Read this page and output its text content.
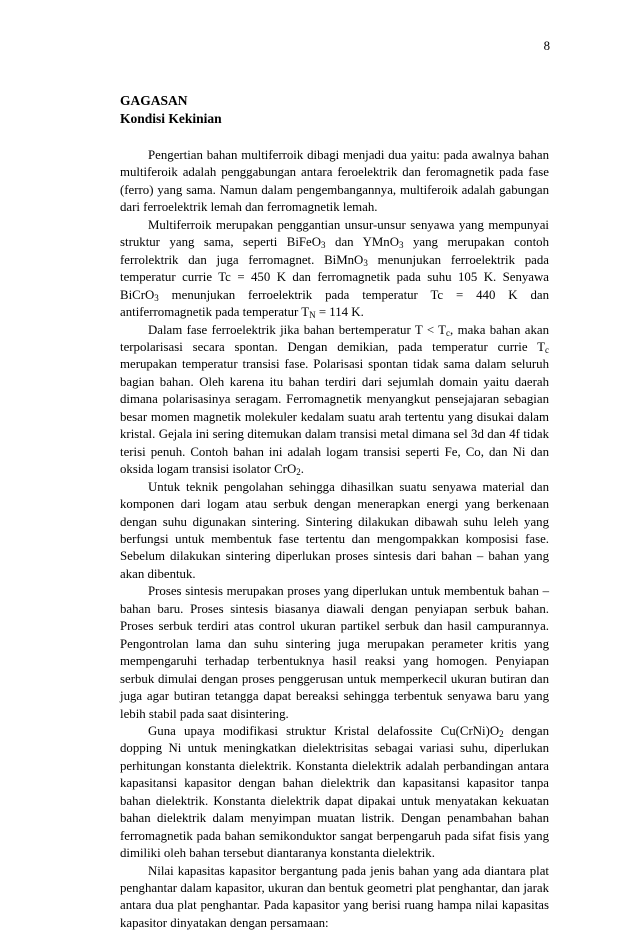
8
GAGASAN
Kondisi Kekinian

Pengertian bahan multiferroik dibagi menjadi dua yaitu: pada awalnya bahan multiferoik adalah penggabungan antara feroelektrik dan feromagnetik pada fase (ferro) yang sama. Namun dalam pengembangannya, multiferoik adalah gabungan dari ferroelektrik lemah dan ferromagnetik lemah.

Multiferroik merupakan penggantian unsur-unsur senyawa yang mempunyai struktur yang sama, seperti BiFeO$_3$ dan YMnO$_3$ yang merupakan contoh ferrolektrik dan juga ferromagnet. BiMnO$_3$ menunjukan ferroelektrik pada temperatur currie Tc = 450 K dan ferromagnetik pada suhu 105 K. Senyawa BiCrO$_3$ menunjukan ferroelektrik pada temperatur Tc = 440 K dan antiferromagnetik pada temperatur $T_N = 114$ K.

Dalam fase ferroelektrik jika bahan bertemperatur $T < T_c$, maka bahan akan terpolarisasi secara spontan. Dengan demikian, pada temperatur currie $T_c$ merupakan temperatur transisi fase. Polarisasi spontan tidak sama dalam seluruh bagian bahan. Oleh karena itu bahan terdiri dari sejumlah domain yaitu daerah dimana polarisasinya seragam. Ferromagnetik menyangkut pensejajaran sebagian besar momen magnetik molekuler kedalam suatu arah tertentu yang disukai dalam kristal. Gejala ini sering ditemukan dalam transisi metal dimana sel 3d dan 4f tidak terisi penuh. Contoh bahan ini adalah logam transisi seperti Fe, Co, dan Ni dan oksida logam transisi isolator CrO$_2$.

Untuk teknik pengolahan sehingga dihasilkan suatu senyawa material dan komponen dari logam atau serbuk dengan menerapkan energi yang berkenaan dengan suhu digunakan sintering. Sintering dilakukan dibawah suhu leleh yang berfungsi untuk membentuk fase tertentu dan mengompakkan komposisi fase. Sebelum dilakukan sintering diperlukan proses sintesis dari bahan – bahan yang akan dibentuk.

Proses sintesis merupakan proses yang diperlukan untuk membentuk bahan – bahan baru. Proses sintesis biasanya diawali dengan penyiapan serbuk bahan. Proses serbuk terdiri atas control ukuran partikel serbuk dan hasil campurannya. Pengontrolan lama dan suhu sintering juga merupakan perameter kritis yang mempengaruhi terhadap terbentuknya hasil reaksi yang homogen. Penyiapan serbuk dimulai dengan proses penggerusan untuk memperkecil ukuran butiran dan juga agar butiran tetangga dapat bereaksi sehingga terbentuk senyawa baru yang lebih stabil pada saat disintering.

Guna upaya modifikasi struktur Kristal delafossite $Cu(CrNi)O_2$ dengan dopping Ni untuk meningkatkan dielektrisitas sebagai variasi suhu, diperlukan perhitungan konstanta dielektrik. Konstanta dielektrik adalah perbandingan antara kapasitansi kapasitor dengan bahan dielektrik dan kapasitansi kapasitor tanpa bahan dielektrik. Konstanta dielektrik dapat dipakai untuk menyatakan kekuatan bahan dielektrik dalam menyimpan muatan listrik. Dengan penambahan bahan ferromagnetik pada bahan semikonduktor sangat berpengaruh pada sifat fisis yang dimiliki oleh bahan tersebut diantaranya konstanta dielektrik.

Nilai kapasitas kapasitor bergantung pada jenis bahan yang ada diantara plat penghantar dalam kapasitor, ukuran dan bentuk geometri plat penghantar, dan jarak antara dua plat penghantar. Pada kapasitor yang berisi ruang hampa nilai kapasitas kapasitor dinyatakan dengan persamaan:
